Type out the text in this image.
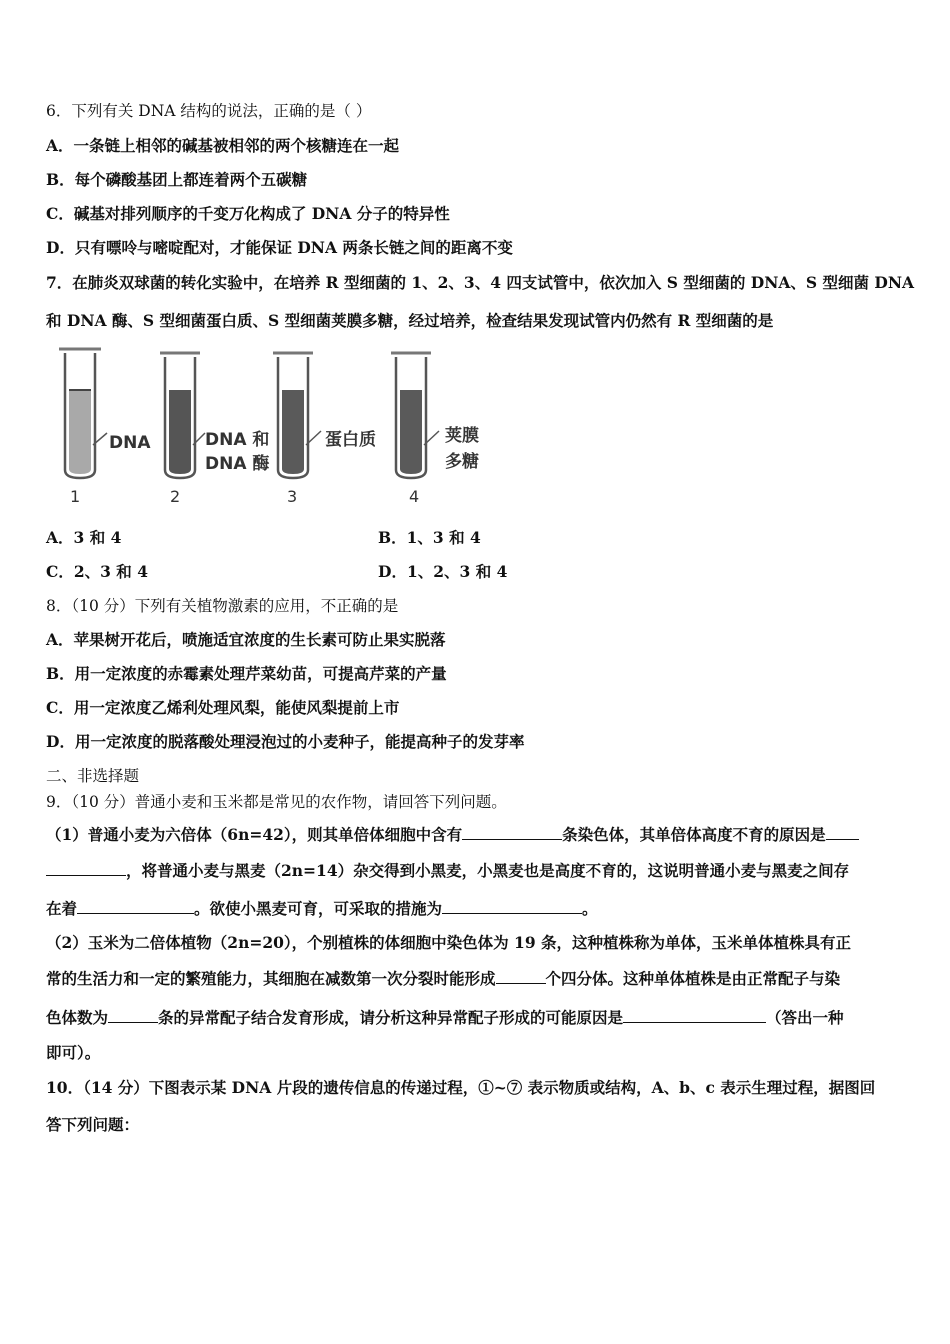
6．下列有关 DNA 结构的说法，正确的是（ ）
A．一条链上相邻的碱基被相邻的两个核糖连在一起
B．每个磷酸基团上都连着两个五碳糖
C．碱基对排列顺序的千变万化构成了 DNA 分子的特异性
D．只有嘌呤与嘧啶配对，才能保证 DNA 两条长链之间的距离不变
7．在肺炎双球菌的转化实验中，在培养 R 型细菌的 1、2、3、4 四支试管中，依次加入 S 型细菌的 DNA、S 型细菌 DNA
和 DNA 酶、S 型细菌蛋白质、S 型细菌荚膜多糖，经过培养，检查结果发现试管内仍然有 R 型细菌的是
DNA	DNA 和
DNA 酶
蛋白质	荚膜
多糖
1	2	3	4
A．3 和 4	B．1、3 和 4
C．2、3 和 4	D．1、2、3 和 4
8．（10 分）下列有关植物激素的应用，不正确的是
A．苹果树开花后，喷施适宜浓度的生长素可防止果实脱落
B．用一定浓度的赤霉素处理芹菜幼苗，可提高芹菜的产量
C．用一定浓度乙烯利处理风梨，能使风梨提前上市
D．用一定浓度的脱落酸处理浸泡过的小麦种子，能提高种子的发芽率
二、非选择题
9．（10 分）普通小麦和玉米都是常见的农作物，请回答下列问题。
（1）普通小麦为六倍体（6n=42），则其单倍体细胞中含有	条染色体，其单倍体高度不育的原因是
，将普通小麦与黑麦（2n=14）杂交得到小黑麦，小黑麦也是高度不育的，这说明普通小麦与黑麦之间存
在着	。欲使小黑麦可育，可采取的措施为	。
（2）玉米为二倍体植物（2n=20），个别植株的体细胞中染色体为 19 条，这种植株称为单体，玉米单体植株具有正
常的生活力和一定的繁殖能力，其细胞在减数第一次分裂时能形成	个四分体。这种单体植株是由正常配子与染
色体数为	条的异常配子结合发育形成，请分析这种异常配子形成的可能原因是	（答出一种
即可）。
10．（14 分）下图表示某 DNA 片段的遗传信息的传递过程，①~⑦ 表示物质或结构，A、b、c 表示生理过程，据图回
答下列问题：
